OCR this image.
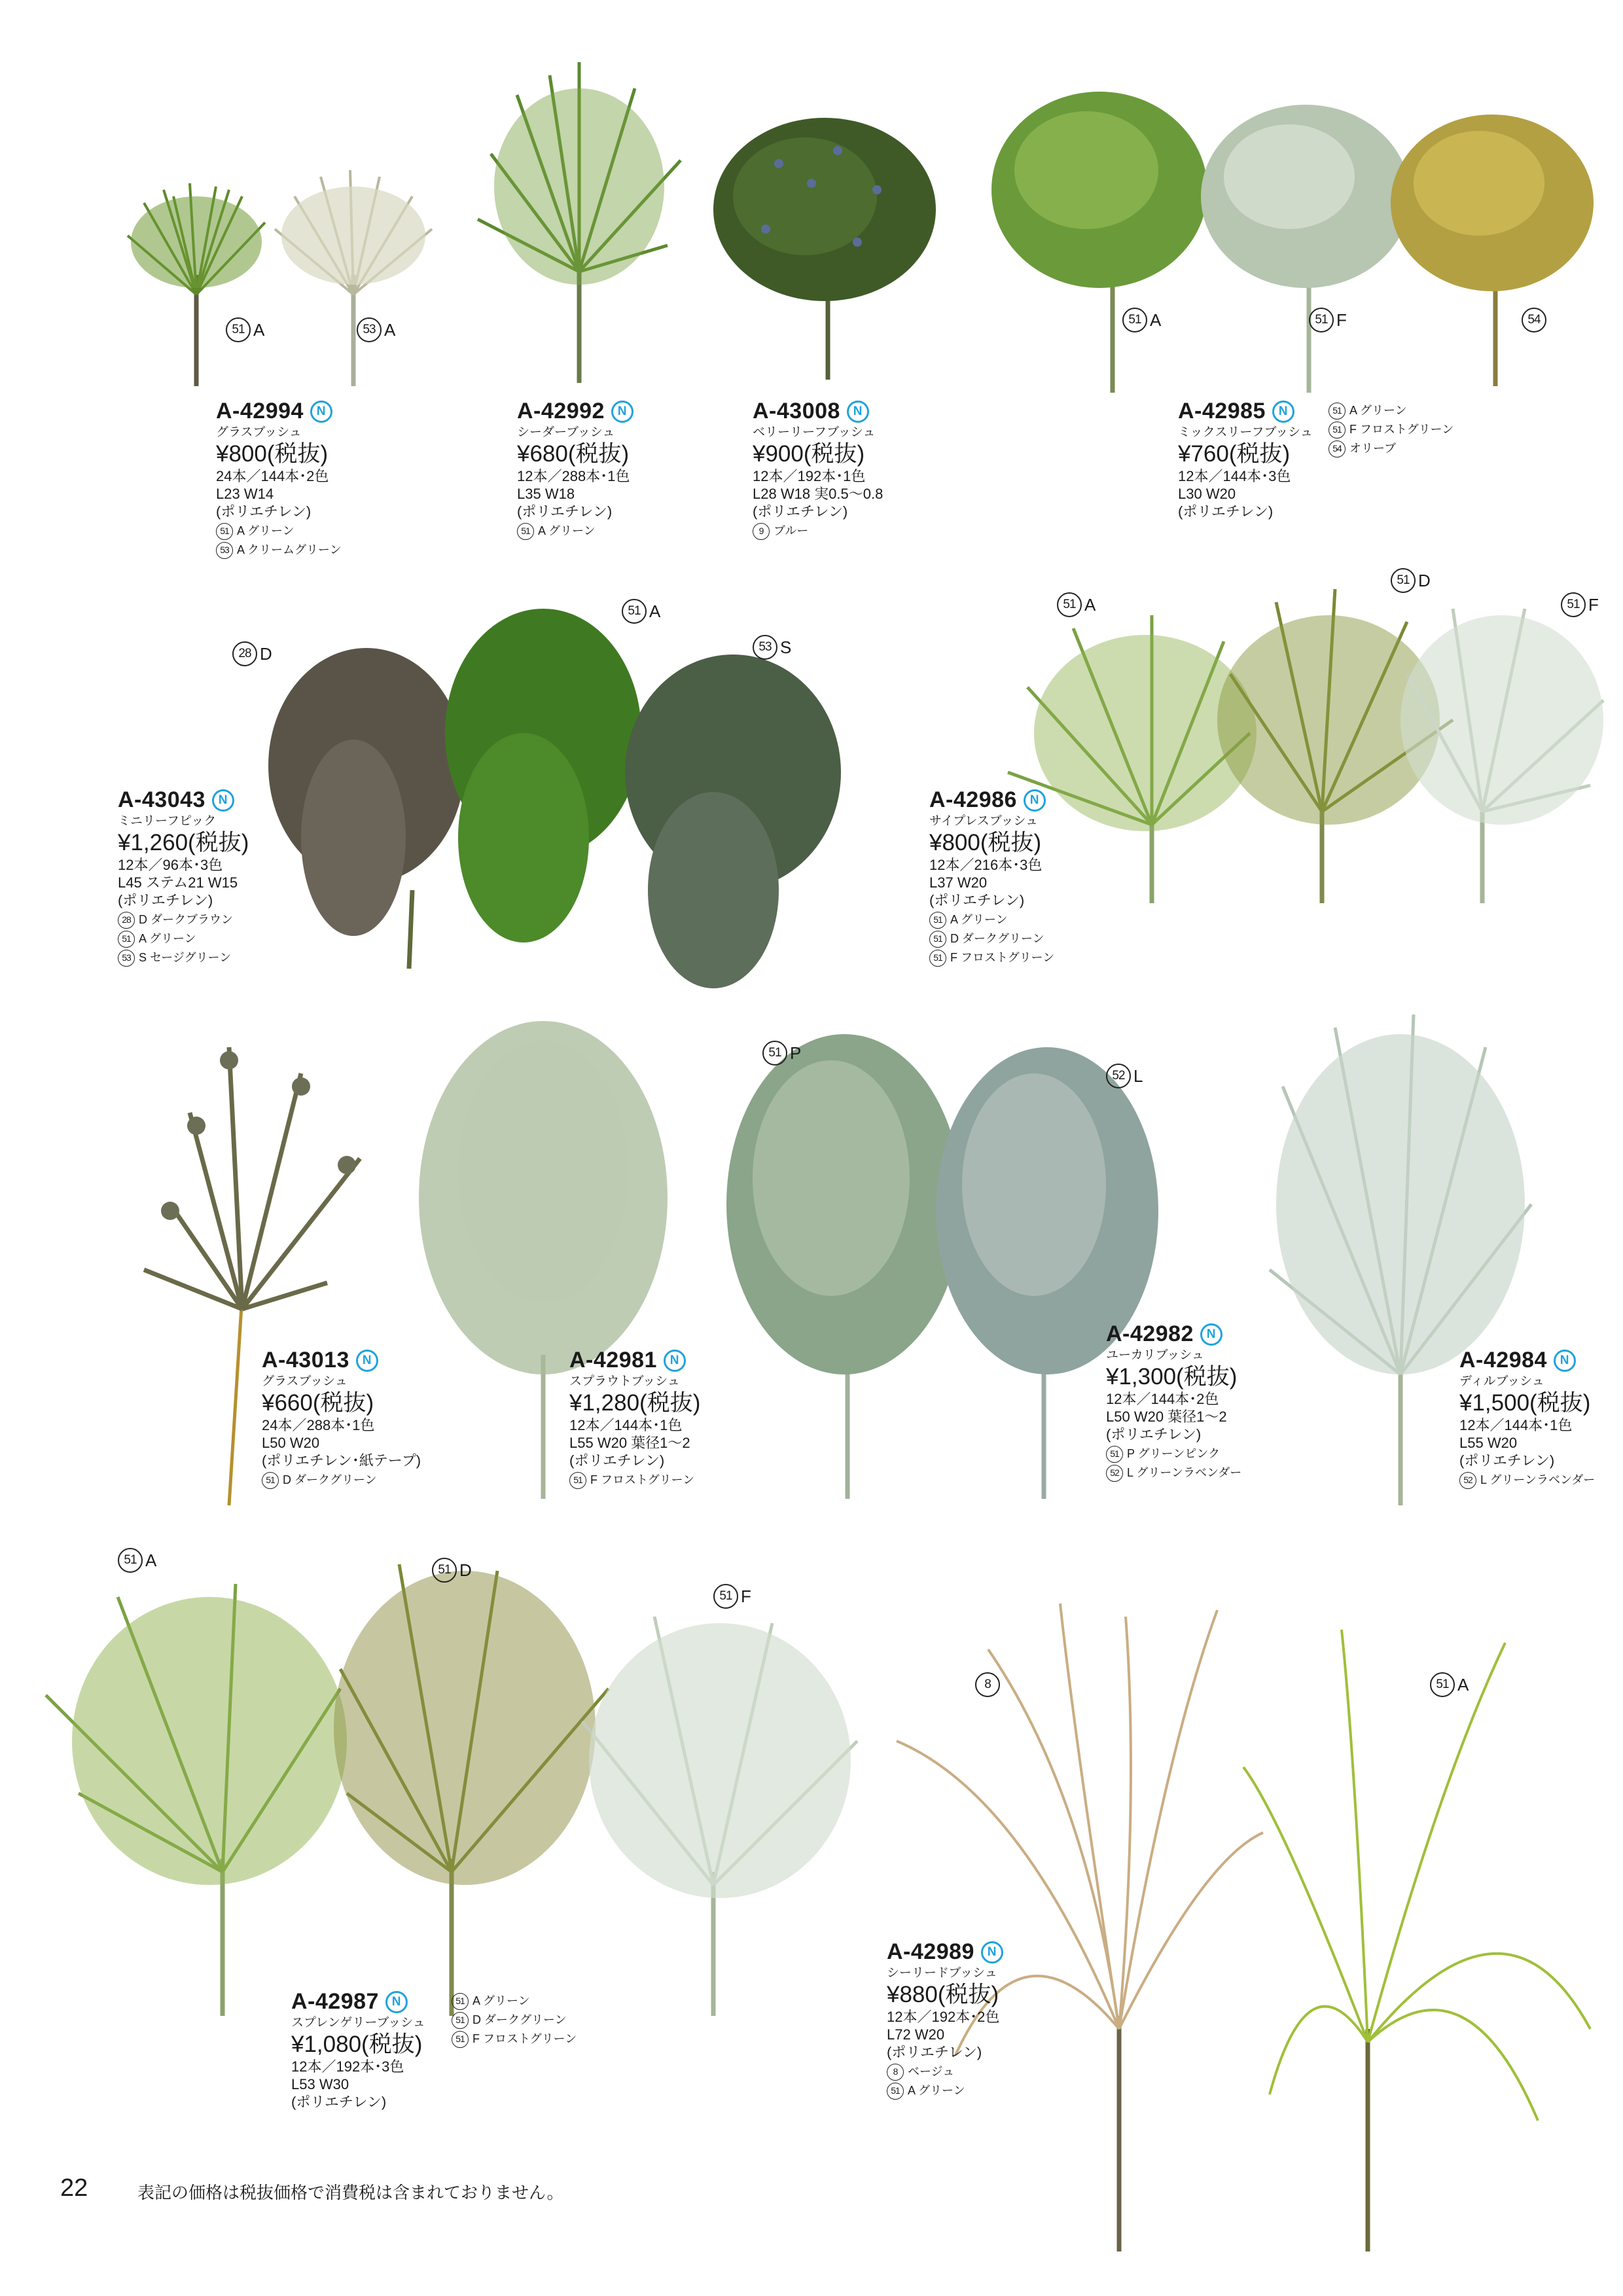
51 A	53 A	51 A	51 F	54
28 D
51 A
53 S
51 A
51 D
51 F
51 P
52 L
51 A	51 D
51 F
8	51 A
A-42994	N
グラスブッシュ
¥800(税抜)
24本／144本･2色
L23 W14
(ポリエチレン)
51 A グリーン
53 A クリームグリーン
A-42992	N
シーダーブッシュ
¥680(税抜)
12本／288本･1色
L35 W18
(ポリエチレン)
51 A グリーン
A-43008	N
ベリーリーフブッシュ
¥900(税抜)
12本／192本･1色
L28 W18 実0.5～0.8
(ポリエチレン)
9 ブルー
A-42985	N
ミックスリーフブッシュ
¥760(税抜)
12本／144本･3色
L30 W20
(ポリエチレン)
51 A グリーン
51 F フロストグリーン
54 オリーブ
A-43043	N
ミニリーフピック
¥1,260(税抜)
12本／96本･3色
L45 ステム21 W15
(ポリエチレン)
28 D ダークブラウン
51 A グリーン
53 S セージグリーン
A-42986	N
サイプレスブッシュ
¥800(税抜)
12本／216本･3色
L37 W20
(ポリエチレン)
51 A グリーン
51 D ダークグリーン
51 F フロストグリーン
A-43013	N
グラスブッシュ
¥660(税抜)
24本／288本･1色
L50 W20
(ポリエチレン･紙テープ)
51 D ダークグリーン
A-42981	N
スプラウトブッシュ
¥1,280(税抜)
12本／144本･1色
L55 W20 葉径1～2
(ポリエチレン)
51 F フロストグリーン
A-42982	N
ユーカリブッシュ
¥1,300(税抜)
12本／144本･2色
L50 W20 葉径1～2
(ポリエチレン)
51 P グリーンピンク
52 L グリーンラベンダー
A-42984	N
ディルブッシュ
¥1,500(税抜)
12本／144本･1色
L55 W20
(ポリエチレン)
52 L グリーンラベンダー
A-42987	N
スプレンゲリーブッシュ
¥1,080(税抜)
12本／192本･3色
L53 W30
(ポリエチレン)
51 A グリーン
51 D ダークグリーン
51 F フロストグリーン
A-42989	N
シーリードブッシュ
¥880(税抜)
12本／192本･2色
L72 W20
(ポリエチレン)
8 ベージュ
51 A グリーン
22	表記の価格は税抜価格で消費税は含まれておりません。
